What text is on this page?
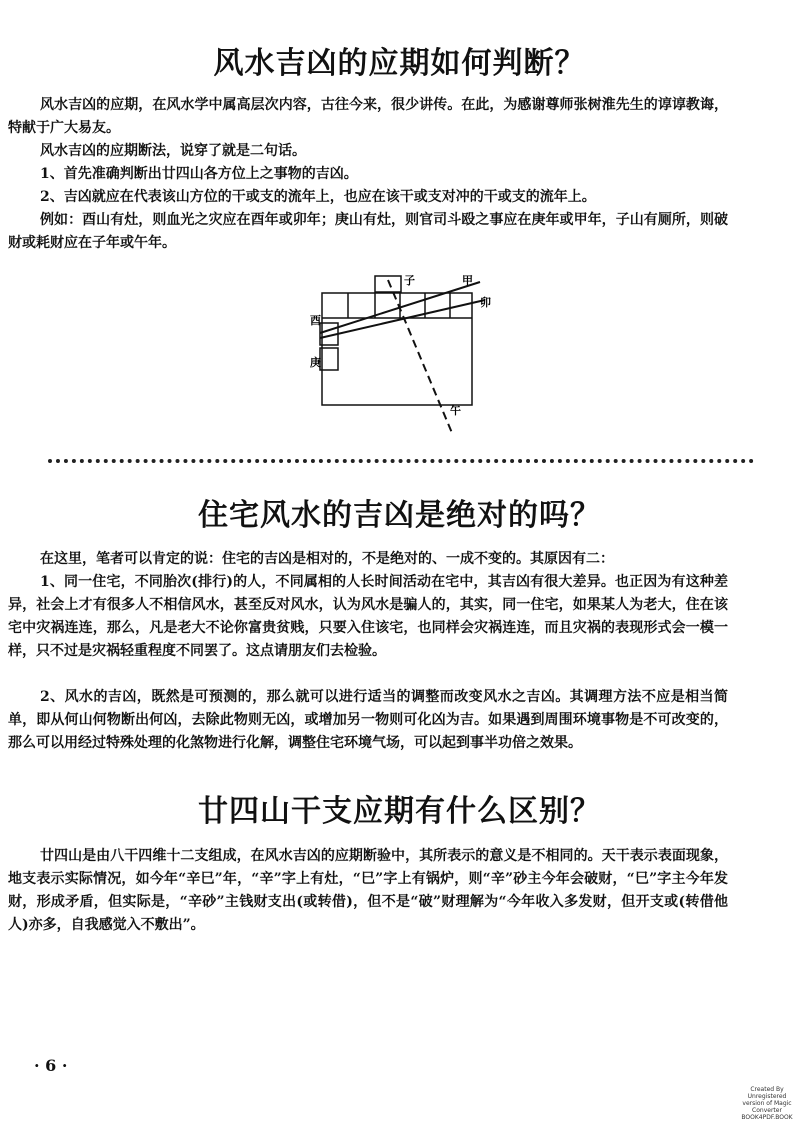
风水吉凶的应期如何判断？

风水吉凶的应期，在风水学中属高层次内容，古往今来，很少讲传。在此，为感谢尊师张树淮先生的谆谆教诲，特献于广大易友。

风水吉凶的应期断法，说穿了就是二句话。

1、首先准确判断出廿四山各方位上之事物的吉凶。

2、吉凶就应在代表该山方位的干或支的流年上，也应在该干或支对冲的干或支的流年上。

例如：酉山有灶，则血光之灾应在酉年或卯年；庚山有灶，则官司斗殴之事应在庚年或甲年，子山有厕所，则破财或耗财应在子年或午年。

子	甲
卯
酉
庚
午
住宅风水的吉凶是绝对的吗？

在这里，笔者可以肯定的说：住宅的吉凶是相对的，不是绝对的、一成不变的。其原因有二：

1、同一住宅，不同胎次(排行)的人，不同属相的人长时间活动在宅中，其吉凶有很大差异。也正因为有这种差异，社会上才有很多人不相信风水，甚至反对风水，认为风水是骗人的，其实，同一住宅，如果某人为老大，住在该宅中灾祸连连，那么，凡是老大不论你富贵贫贱，只要入住该宅，也同样会灾祸连连，而且灾祸的表现形式会一模一样，只不过是灾祸轻重程度不同罢了。这点请朋友们去检验。

2、风水的吉凶，既然是可预测的，那么就可以进行适当的调整而改变风水之吉凶。其调理方法不应是相当简单，即从何山何物断出何凶，去除此物则无凶，或增加另一物则可化凶为吉。如果遇到周围环境事物是不可改变的，那么可以用经过特殊处理的化煞物进行化解，调整住宅环境气场，可以起到事半功倍之效果。

廿四山干支应期有什么区别？

廿四山是由八干四维十二支组成，在风水吉凶的应期断验中，其所表示的意义是不相同的。天干表示表面现象，地支表示实际情况，如今年“辛巳”年，“辛”字上有灶，“巳”字上有锅炉，则“辛”砂主今年会破财，“巳”字主今年发财，形成矛盾，但实际是，“辛砂”主钱财支出(或转借)，但不是“破”财理解为“今年收入多发财，但开支或(转借他人)亦多，自我感觉入不敷出”。

· 6 ·
Created By Unregistered version of Magic Converter BOOK4PDF.BOOK
